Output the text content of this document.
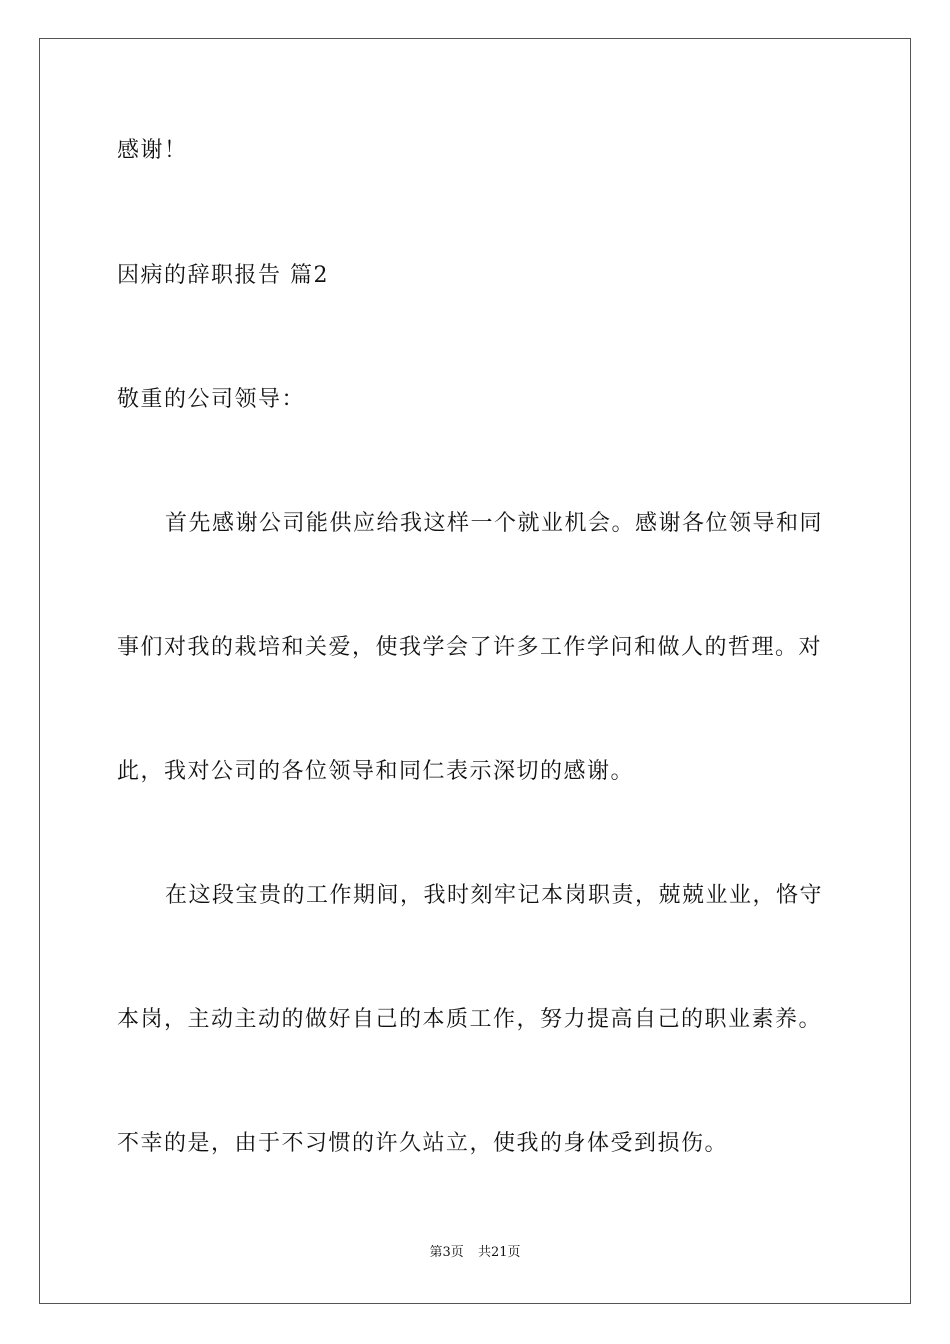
感谢！
因病的辞职报告 篇2
敬重的公司领导：
首先感谢公司能供应给我这样一个就业机会。感谢各位领导和同
事们对我的栽培和关爱，使我学会了许多工作学问和做人的哲理。对
此，我对公司的各位领导和同仁表示深切的感谢。
在这段宝贵的工作期间，我时刻牢记本岗职责，兢兢业业，恪守
本岗，主动主动的做好自己的本质工作，努力提高自己的职业素养。
不幸的是，由于不习惯的许久站立，使我的身体受到损伤。
第3页 共21页
